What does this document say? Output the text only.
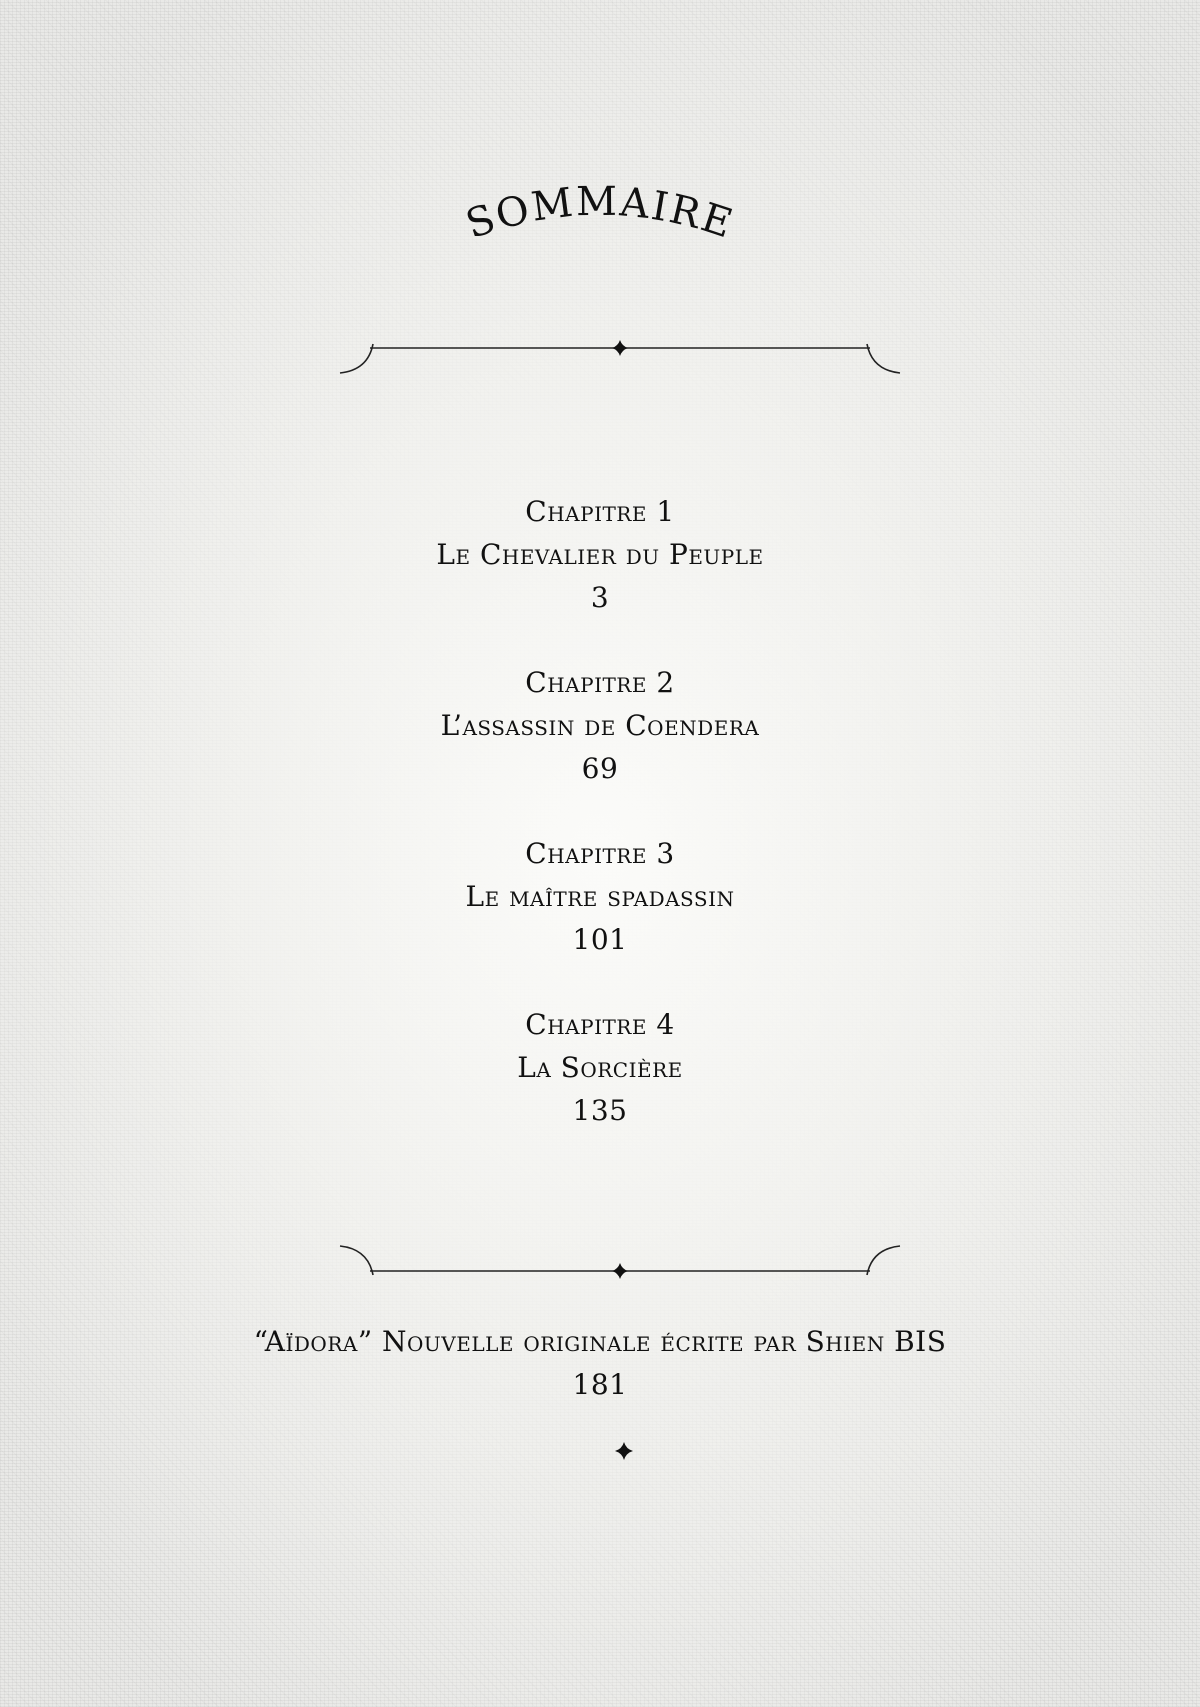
SOMMAIRE
Chapitre 1
Le Chevalier du Peuple
3
Chapitre 2
L’assassin de Coendera
69
Chapitre 3
Le maître spadassin
101
Chapitre 4
La Sorcière
135
“Aïdora” Nouvelle originale écrite par Shien BIS
181
